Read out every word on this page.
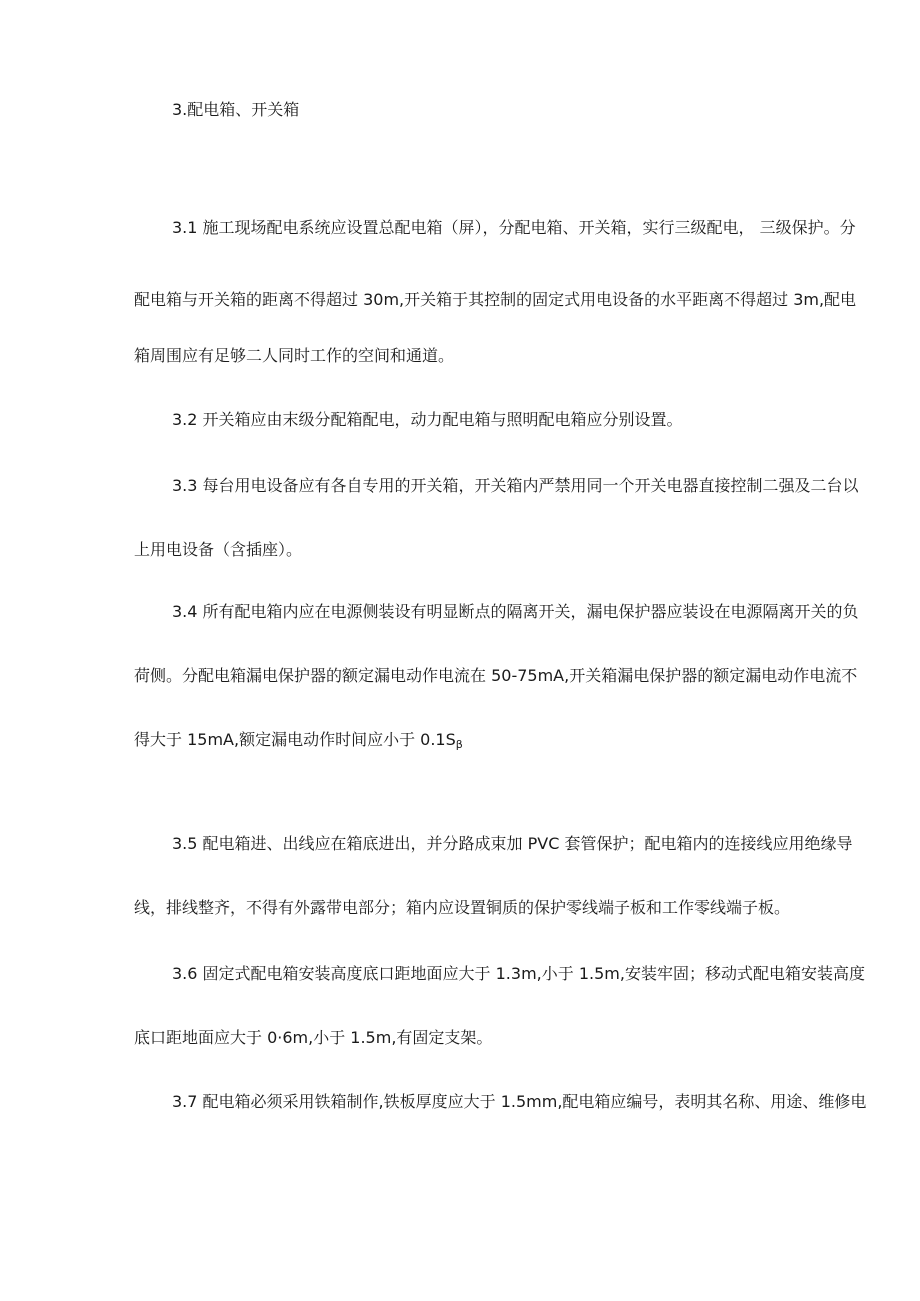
3.配电箱、开关箱
3.1 施工现场配电系统应设置总配电箱（屏），分配电箱、开关箱，实行三级配电， 三级保护。分
配电箱与开关箱的距离不得超过 30m,开关箱于其控制的固定式用电设备的水平距离不得超过 3m,配电
箱周围应有足够二人同时工作的空间和通道。
3.2 开关箱应由末级分配箱配电，动力配电箱与照明配电箱应分别设置。
3.3 每台用电设备应有各自专用的开关箱，开关箱内严禁用同一个开关电器直接控制二强及二台以
上用电设备（含插座）。
3.4 所有配电箱内应在电源侧装设有明显断点的隔离开关，漏电保护器应装设在电源隔离开关的负
荷侧。分配电箱漏电保护器的额定漏电动作电流在 50-75mA,开关箱漏电保护器的额定漏电动作电流不
得大于 15mA,额定漏电动作时间应小于 $0.1S_\beta$
3.5 配电箱进、出线应在箱底进出，并分路成束加 PVC 套管保护；配电箱内的连接线应用绝缘导
线，排线整齐，不得有外露带电部分；箱内应设置铜质的保护零线端子板和工作零线端子板。
3.6 固定式配电箱安装高度底口距地面应大于 1.3m,小于 1.5m,安装牢固；移动式配电箱安装高度
底口距地面应大于 0·6m,小于 1.5m,有固定支架。
3.7 配电箱必须采用铁箱制作,铁板厚度应大于 1.5mm,配电箱应编号，表明其名称、用途、维修电
